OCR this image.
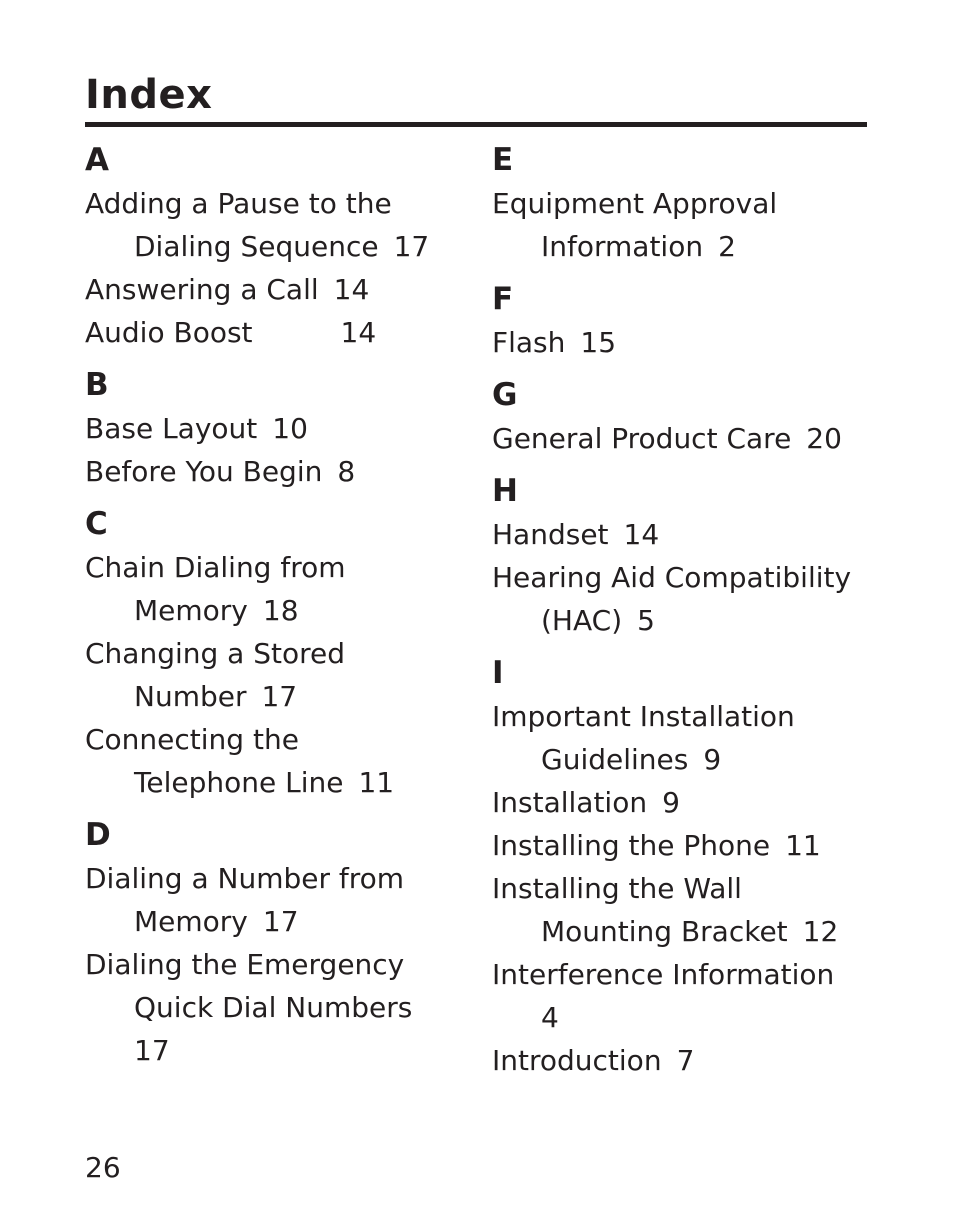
Index
A

Adding a Pause to the

Dialing Sequence 17

Answering a Call 14

Audio Boost	14

B

Base Layout 10

Before You Begin 8

C

Chain Dialing from

Memory 18

Changing a Stored

Number 17

Connecting the

Telephone Line 11

D

Dialing a Number from

Memory 17

Dialing the Emergency

Quick Dial Numbers

17

E

Equipment Approval

Information 2

F

Flash 15

G

General Product Care 20

H

Handset 14

Hearing Aid Compatibility

(HAC) 5

I

Important Installation

Guidelines 9

Installation 9

Installing the Phone 11

Installing the Wall

Mounting Bracket 12

Interference Information

4

Introduction 7

26
